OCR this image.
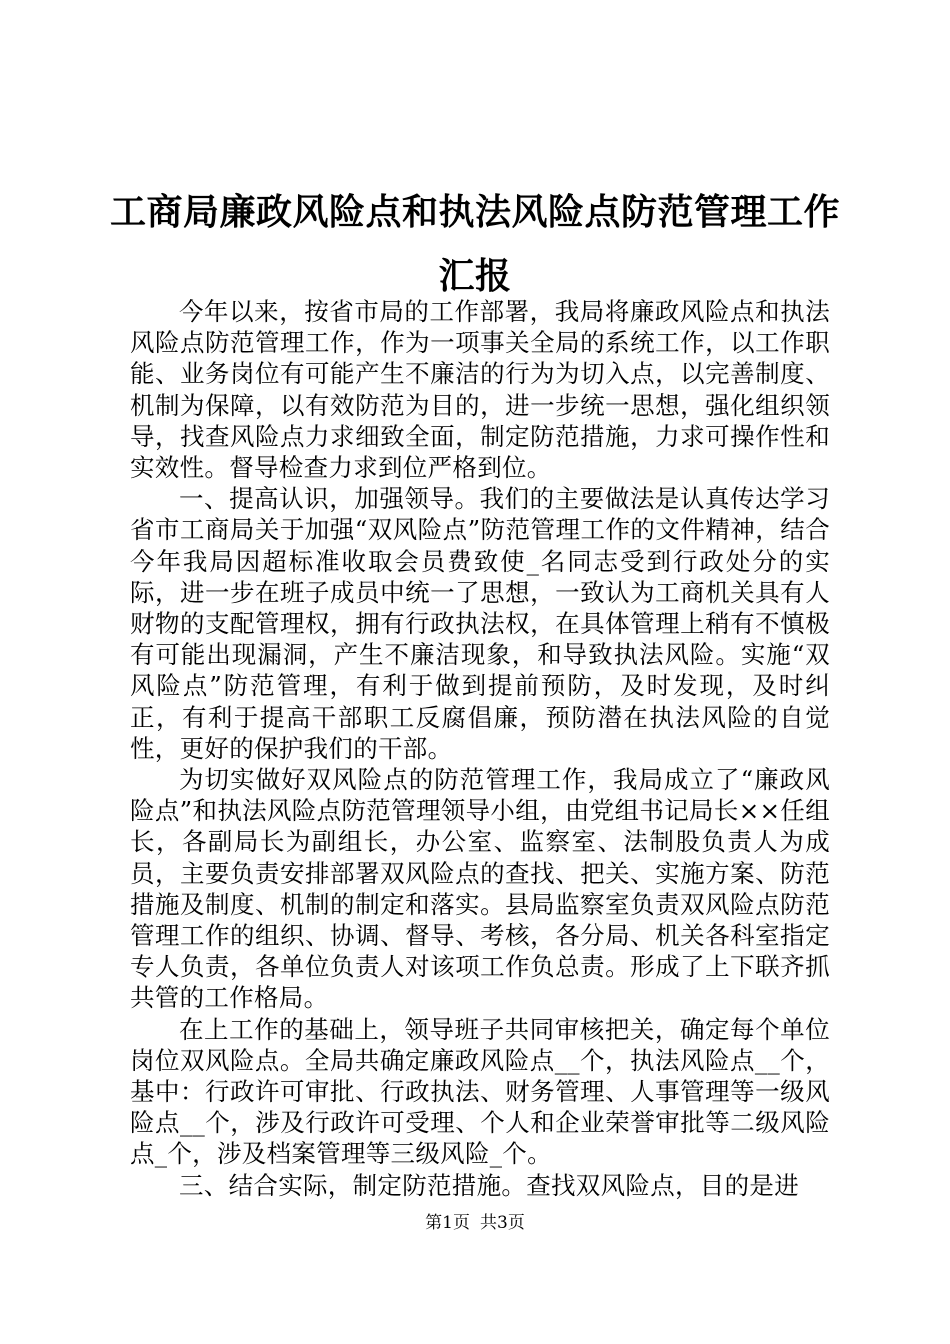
工商局廉政风险点和执法风险点防范管理工作汇报

今年以来，按省市局的工作部署，我局将廉政风险点和执法风险点防范管理工作，作为一项事关全局的系统工作，以工作职能、业务岗位有可能产生不廉洁的行为为切入点，以完善制度、机制为保障，以有效防范为目的，进一步统一思想，强化组织领导，找查风险点力求细致全面，制定防范措施，力求可操作性和实效性。督导检查力求到位严格到位。

一、提高认识，加强领导。我们的主要做法是认真传达学习省市工商局关于加强“双风险点”防范管理工作的文件精神，结合今年我局因超标准收取会员费致使_名同志受到行政处分的实际，进一步在班子成员中统一了思想，一致认为工商机关具有人财物的支配管理权，拥有行政执法权，在具体管理上稍有不慎极有可能出现漏洞，产生不廉洁现象，和导致执法风险。实施“双风险点”防范管理，有利于做到提前预防，及时发现，及时纠正，有利于提高干部职工反腐倡廉，预防潜在执法风险的自觉性，更好的保护我们的干部。

为切实做好双风险点的防范管理工作，我局成立了“廉政风险点”和执法风险点防范管理领导小组，由党组书记局长××任组长，各副局长为副组长，办公室、监察室、法制股负责人为成员，主要负责安排部署双风险点的查找、把关、实施方案、防范措施及制度、机制的制定和落实。县局监察室负责双风险点防范管理工作的组织、协调、督导、考核，各分局、机关各科室指定专人负责，各单位负责人对该项工作负总责。形成了上下联齐抓共管的工作格局。

在上工作的基础上，领导班子共同审核把关，确定每个单位岗位双风险点。全局共确定廉政风险点__个，执法风险点__个，基中：行政许可审批、行政执法、财务管理、人事管理等一级风险点__个，涉及行政许可受理、个人和企业荣誉审批等二级风险点_个，涉及档案管理等三级风险_个。

三、结合实际，制定防范措施。查找双风险点，目的是进

第1页 共3页
